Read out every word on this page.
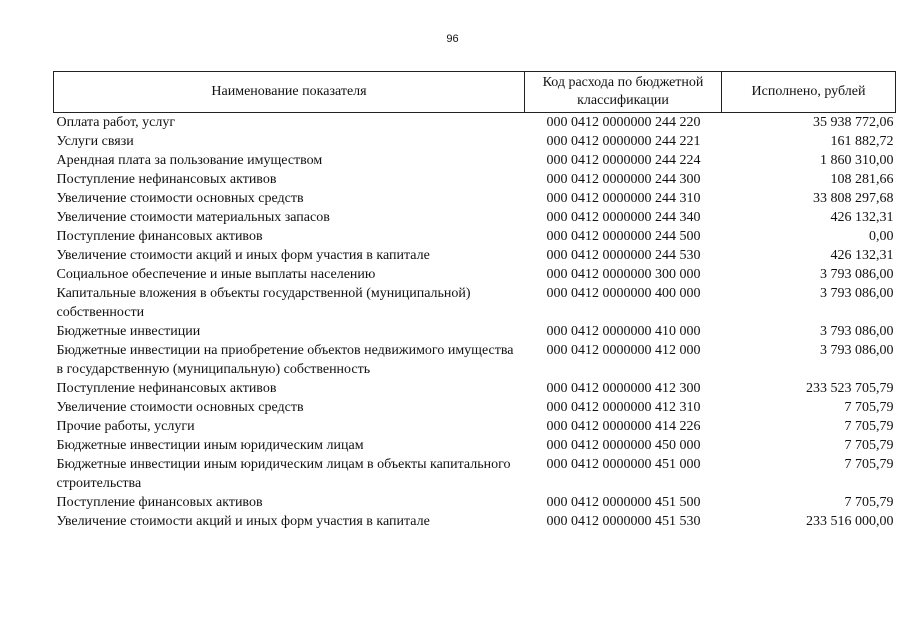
96
Наименование показателя	Код расхода по бюджетной классификации	Исполнено, рублей
Оплата работ, услуг	000 0412 0000000 244 220	35 938 772,06
Услуги связи	000 0412 0000000 244 221	161 882,72
Арендная плата за пользование имуществом	000 0412 0000000 244 224	1 860 310,00
Поступление нефинансовых активов	000 0412 0000000 244 300	108 281,66
Увеличение стоимости основных средств	000 0412 0000000 244 310	33 808 297,68
Увеличение стоимости материальных запасов	000 0412 0000000 244 340	426 132,31
Поступление финансовых активов	000 0412 0000000 244 500	0,00
Увеличение стоимости акций и иных форм участия в капитале	000 0412 0000000 244 530	426 132,31
Социальное обеспечение и иные выплаты населению	000 0412 0000000 300 000	3 793 086,00
Капитальные вложения в объекты государственной (муниципальной) собственности	000 0412 0000000 400 000	3 793 086,00
Бюджетные инвестиции	000 0412 0000000 410 000	3 793 086,00
Бюджетные инвестиции на приобретение объектов недвижимого имущества в государственную (муниципальную) собственность	000 0412 0000000 412 000	3 793 086,00
Поступление нефинансовых активов	000 0412 0000000 412 300	233 523 705,79
Увеличение стоимости основных средств	000 0412 0000000 412 310	7 705,79
Прочие работы, услуги	000 0412 0000000 414 226	7 705,79
Бюджетные инвестиции иным юридическим лицам	000 0412 0000000 450 000	7 705,79
Бюджетные инвестиции иным юридическим лицам в объекты капитального строительства	000 0412 0000000 451 000	7 705,79
Поступление финансовых активов	000 0412 0000000 451 500	7 705,79
Увеличение стоимости акций и иных форм участия в капитале	000 0412 0000000 451 530	233 516 000,00
